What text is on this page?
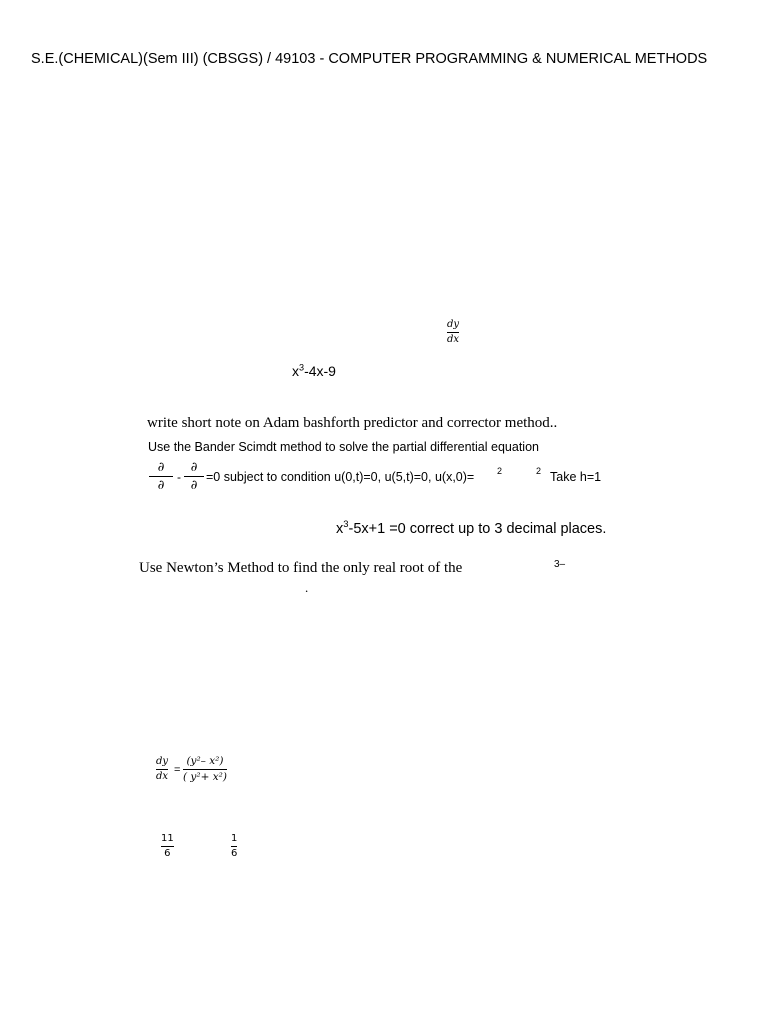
S.E.(CHEMICAL)(Sem III) (CBSGS) / 49103 - COMPUTER PROGRAMMING & NUMERICAL METHODS
dy
dx
$x^3-4x-9$
write short note on Adam bashforth predictor and corrector method..
Use the Bander Scimdt method to solve the partial differential equation
∂
∂
-
∂
∂
=0 subject to condition u(0,t)=0, u(5,t)=0, u(x,0)=	2	2 Take h=1
$x^3-5x+1 =0$ correct up to 3 decimal places.
Use Newton’s Method to find the only real root of the	3–
.
dy
dx
=
(y²– x²)
( y²+ x²)
11
6
1
6
